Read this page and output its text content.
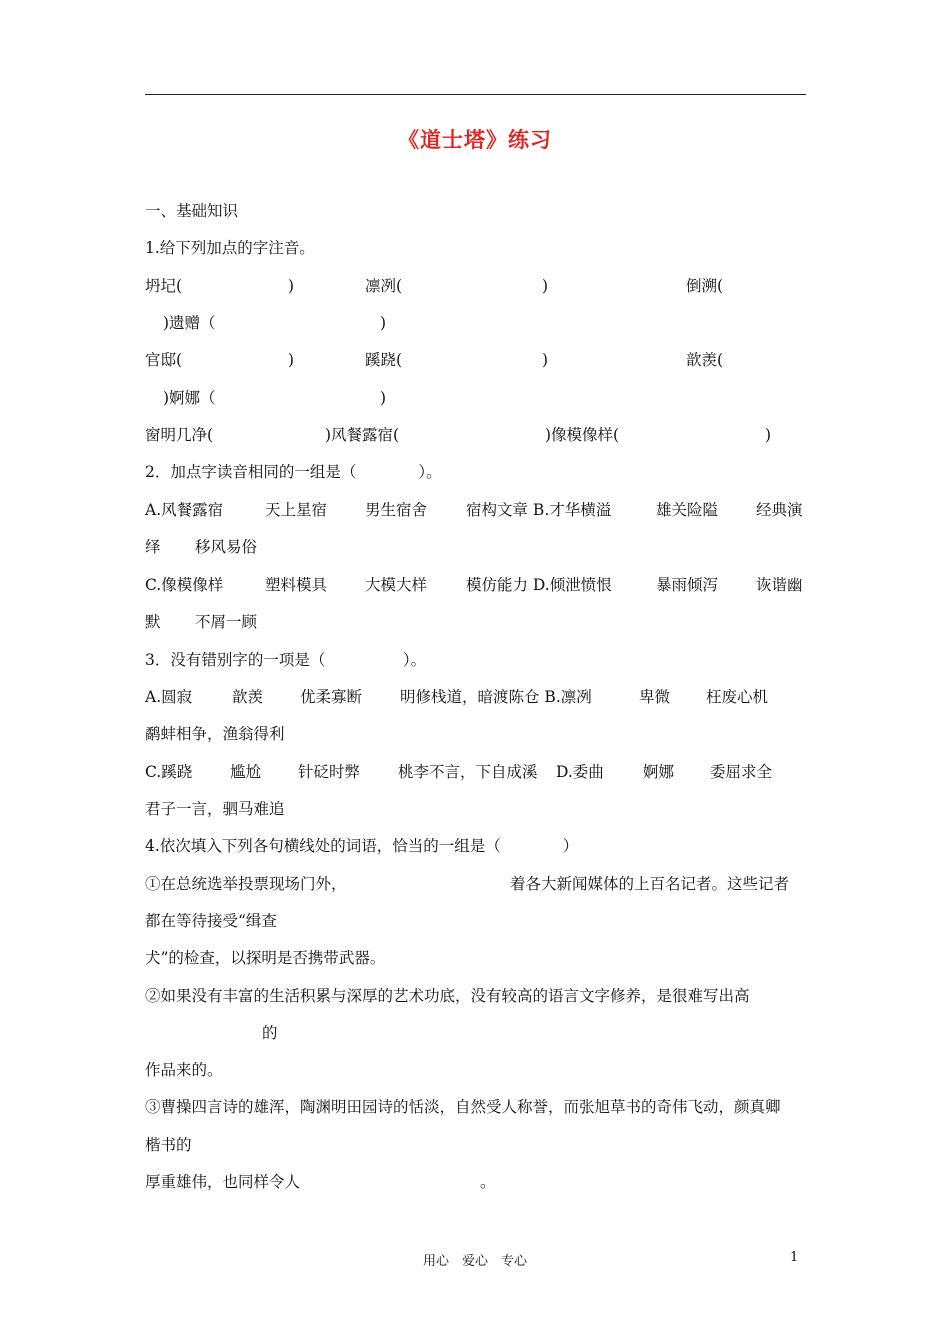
《道士塔》练习
一、基础知识
1.给下列加点的字注音。
坍圮(	)	凛冽(	)	倒溯(
)遗赠（	)
官邸(	)	蹊跷(	)	歆羡(
)婀娜（	)
窗明几净(	)风餐露宿(	)像模像样(	)
2．加点字读音相同的一组是（　　　　）。
A.风餐露宿	天上星宿 男生宿舍	宿构文章 B.才华横溢	雄关险隘 经典演
绎 移风易俗
C.像模像样	塑料模具 大模大样	模仿能力 D.倾泄愤恨	暴雨倾泻 诙谐幽
默 不屑一顾
3．没有错别字的一项是（　　　　　）。
A.圆寂	歆羡 优柔寡断 明修栈道，暗渡陈仓 B.凛冽	卑微 枉废心机
鹬蚌相争，渔翁得利
C.蹊跷 尴尬 针砭时弊 桃李不言，下自成溪 D.委曲	婀娜 委屈求全
君子一言，驷马难追
4.依次填入下列各句横线处的词语，恰当的一组是（　　　　）
①在总统选举投票现场门外，	着各大新闻媒体的上百名记者。这些记者
都在等待接受“缉查
犬”的检查，以探明是否携带武器。
②如果没有丰富的生活积累与深厚的艺术功底，没有较高的语言文字修养，是很难写出高
的
作品来的。
③曹操四言诗的雄浑，陶渊明田园诗的恬淡，自然受人称誉，而张旭草书的奇伟飞动，颜真卿
楷书的
厚重雄伟，也同样令人	。
用心　爱心　专心	1
